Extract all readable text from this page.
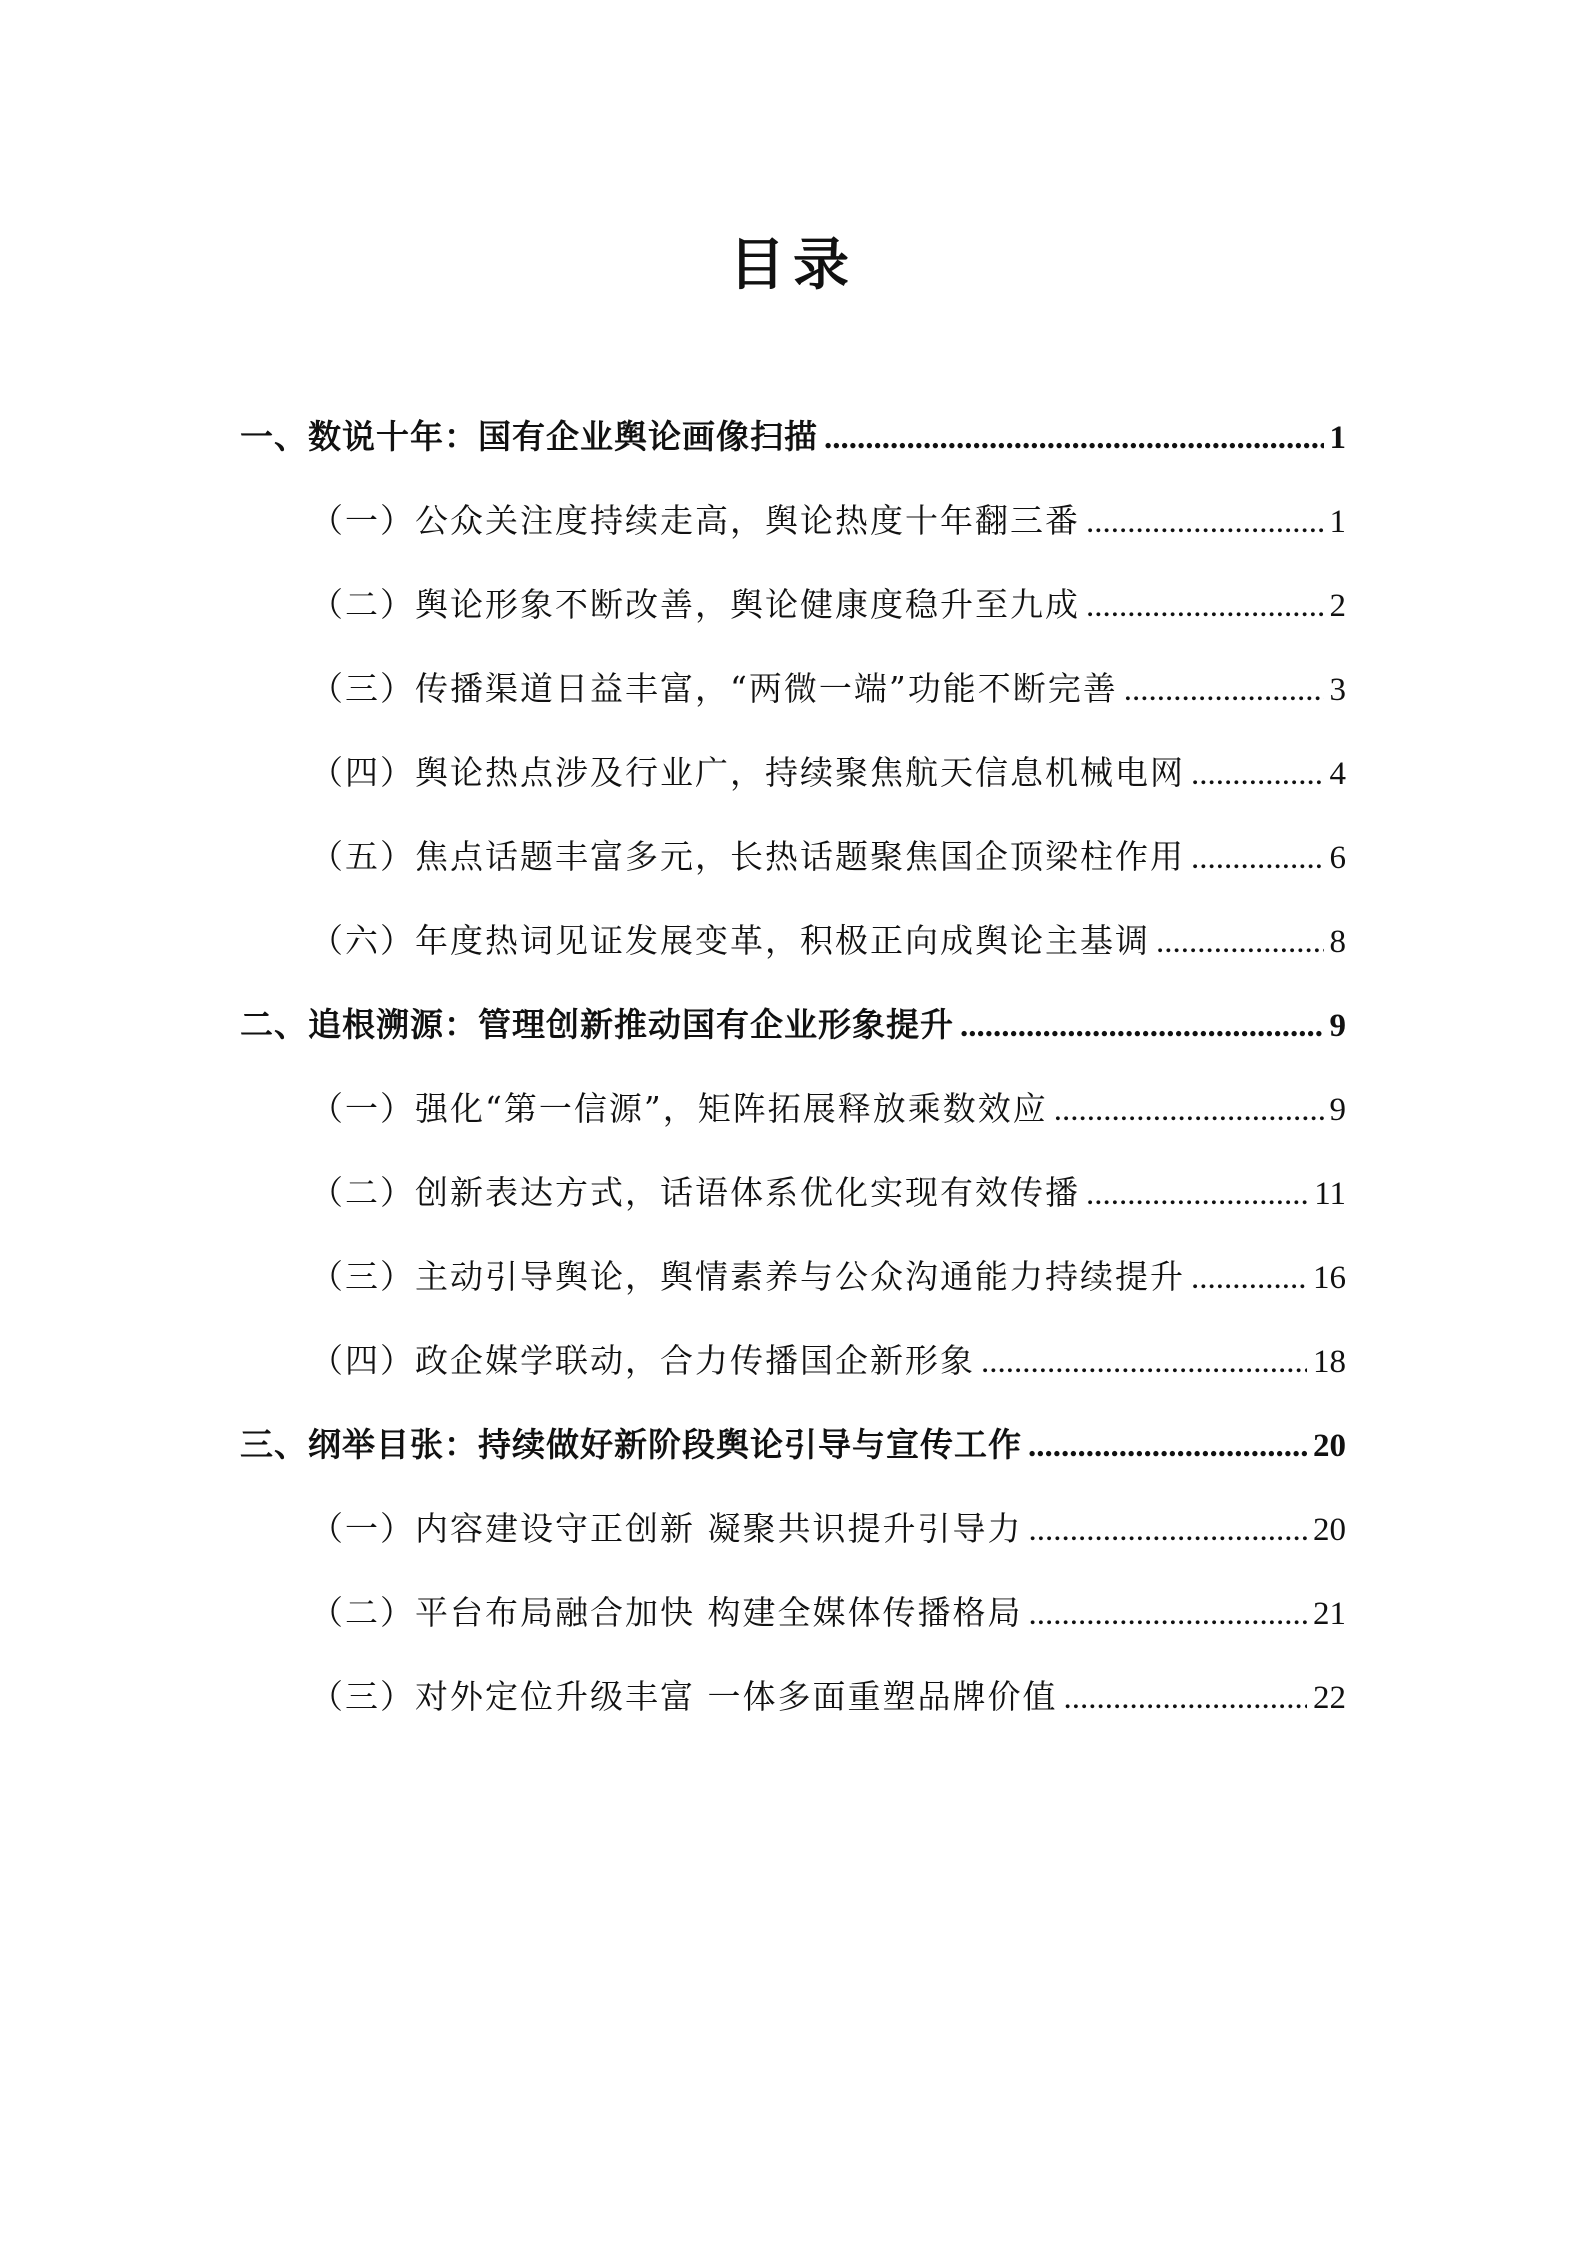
目录
一、数说十年：国有企业舆论画像扫描 .....	1
（一）公众关注度持续走高，舆论热度十年翻三番 .....	1
（二）舆论形象不断改善，舆论健康度稳升至九成 .....	2
（三）传播渠道日益丰富，“两微一端”功能不断完善 .....	3
（四）舆论热点涉及行业广，持续聚焦航天信息机械电网 .....	4
（五）焦点话题丰富多元，长热话题聚焦国企顶梁柱作用 .....	6
（六）年度热词见证发展变革，积极正向成舆论主基调 .....	8
二、追根溯源：管理创新推动国有企业形象提升 .....	9
（一）强化“第一信源”，矩阵拓展释放乘数效应 .....	9
（二）创新表达方式，话语体系优化实现有效传播 .....	11
（三）主动引导舆论，舆情素养与公众沟通能力持续提升 .....	16
（四）政企媒学联动，合力传播国企新形象 .....	18
三、纲举目张：持续做好新阶段舆论引导与宣传工作 .....	20
（一）内容建设守正创新 凝聚共识提升引导力 .....	20
（二）平台布局融合加快 构建全媒体传播格局 .....	21
（三）对外定位升级丰富 一体多面重塑品牌价值 .....	22
